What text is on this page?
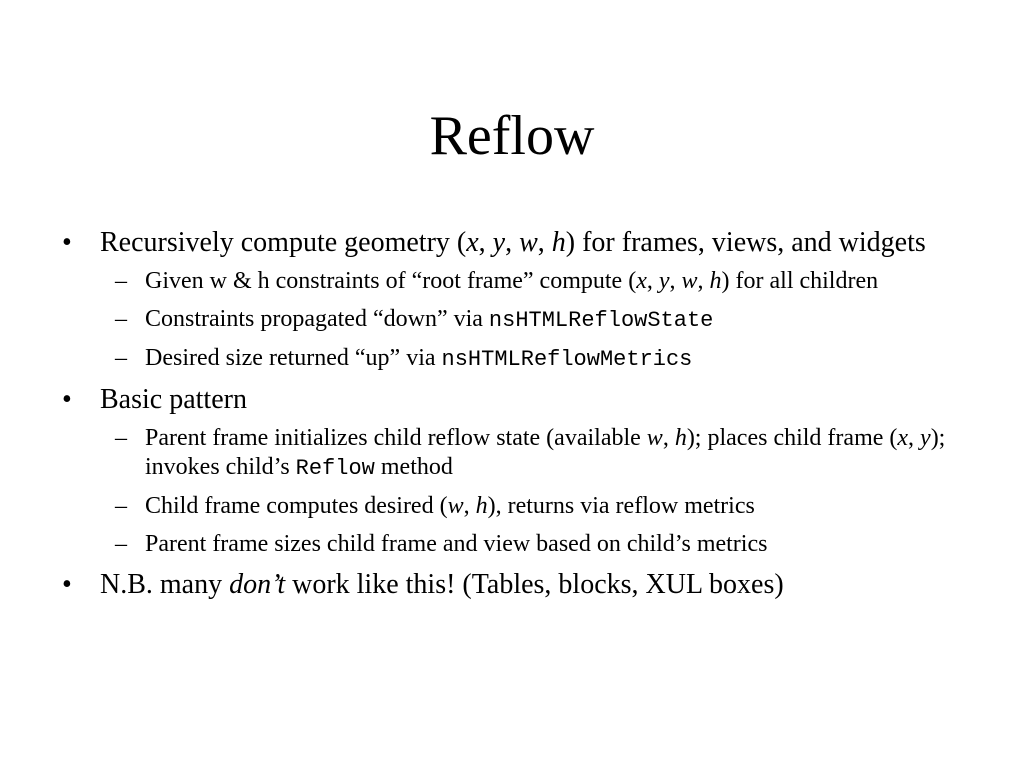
Reflow
• Recursively compute geometry (x, y, w, h) for frames, views, and widgets
– Given w & h constraints of “root frame” compute (x, y, w, h) for all children
– Constraints propagated “down” via nsHTMLReflowState
– Desired size returned “up” via nsHTMLReflowMetrics
• Basic pattern
– Parent frame initializes child reflow state (available w, h); places child frame (x, y); invokes child’s Reflow method
– Child frame computes desired (w, h), returns via reflow metrics
– Parent frame sizes child frame and view based on child’s metrics
• N.B. many don’t work like this! (Tables, blocks, XUL boxes)
